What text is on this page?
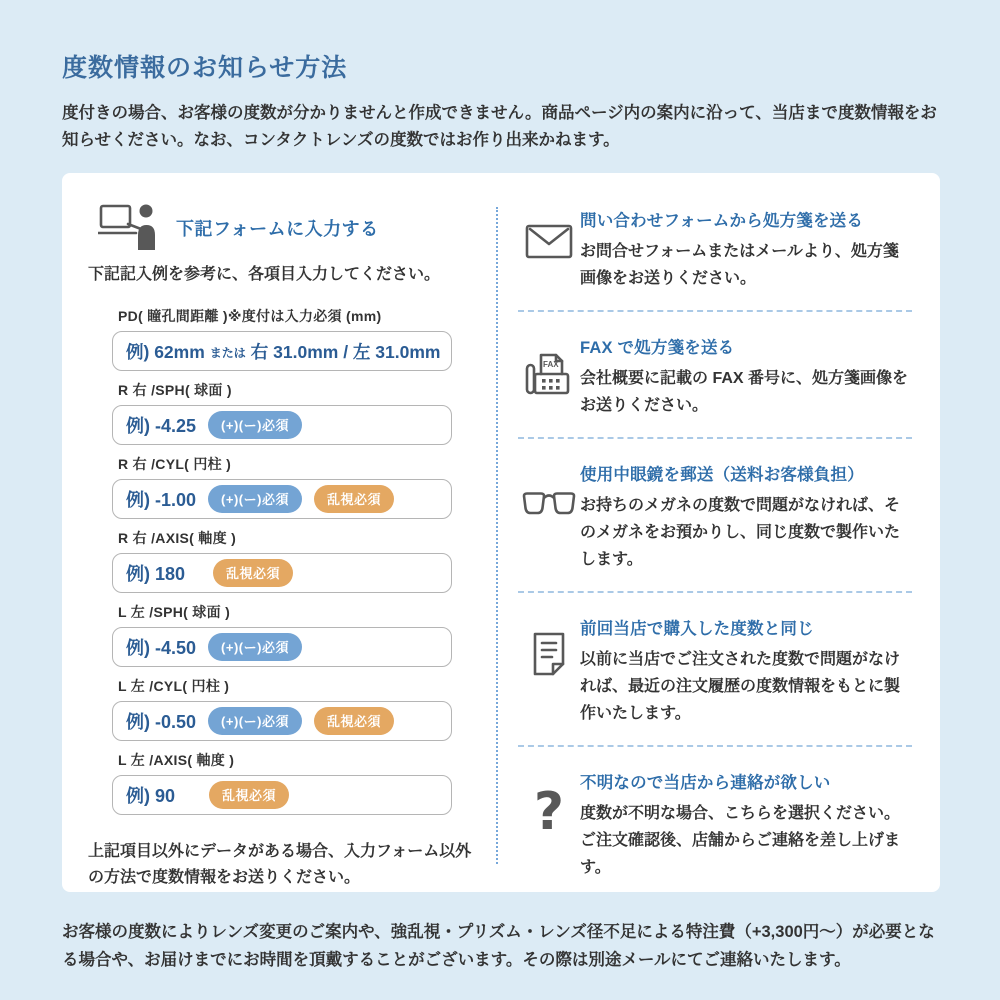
度数情報のお知らせ方法

度付きの場合、お客様の度数が分かりませんと作成できません。商品ページ内の案内に沿って、当店まで度数情報をお知らせください。なお、コンタクトレンズの度数ではお作り出来かねます。

下記フォームに入力する

下記記入例を参考に、各項目入力してください。

PD( 瞳孔間距離 )※度付は入力必須 (mm)
例) 62mm または 右 31.0mm / 左 31.0mm
R 右 /SPH( 球面 )
例) -4.25	(+)(ー)必須
R 右 /CYL( 円柱 )
例) -1.00	(+)(ー)必須	乱視必須
R 右 /AXIS( 軸度 )
例) 180	乱視必須
L 左 /SPH( 球面 )
例) -4.50	(+)(ー)必須
L 左 /CYL( 円柱 )
例) -0.50	(+)(ー)必須	乱視必須
L 左 /AXIS( 軸度 )
例) 90	乱視必須

上記項目以外にデータがある場合、入力フォーム以外の方法で度数情報をお送りください。

問い合わせフォームから処方箋を送る

お問合せフォームまたはメールより、処方箋画像をお送りください。

FAX
FAX で処方箋を送る

会社概要に記載の FAX 番号に、処方箋画像をお送りください。

使用中眼鏡を郵送（送料お客様負担）

お持ちのメガネの度数で問題がなければ、そのメガネをお預かりし、同じ度数で製作いたします。

前回当店で購入した度数と同じ

以前に当店でご注文された度数で問題がなければ、最近の注文履歴の度数情報をもとに製作いたします。

? 不明なので当店から連絡が欲しい

度数が不明な場合、こちらを選択ください。ご注文確認後、店舗からご連絡を差し上げます。

お客様の度数によりレンズ変更のご案内や、強乱視・プリズム・レンズ径不足による特注費（+3,300円〜）が必要となる場合や、お届けまでにお時間を頂戴することがございます。その際は別途メールにてご連絡いたします。
